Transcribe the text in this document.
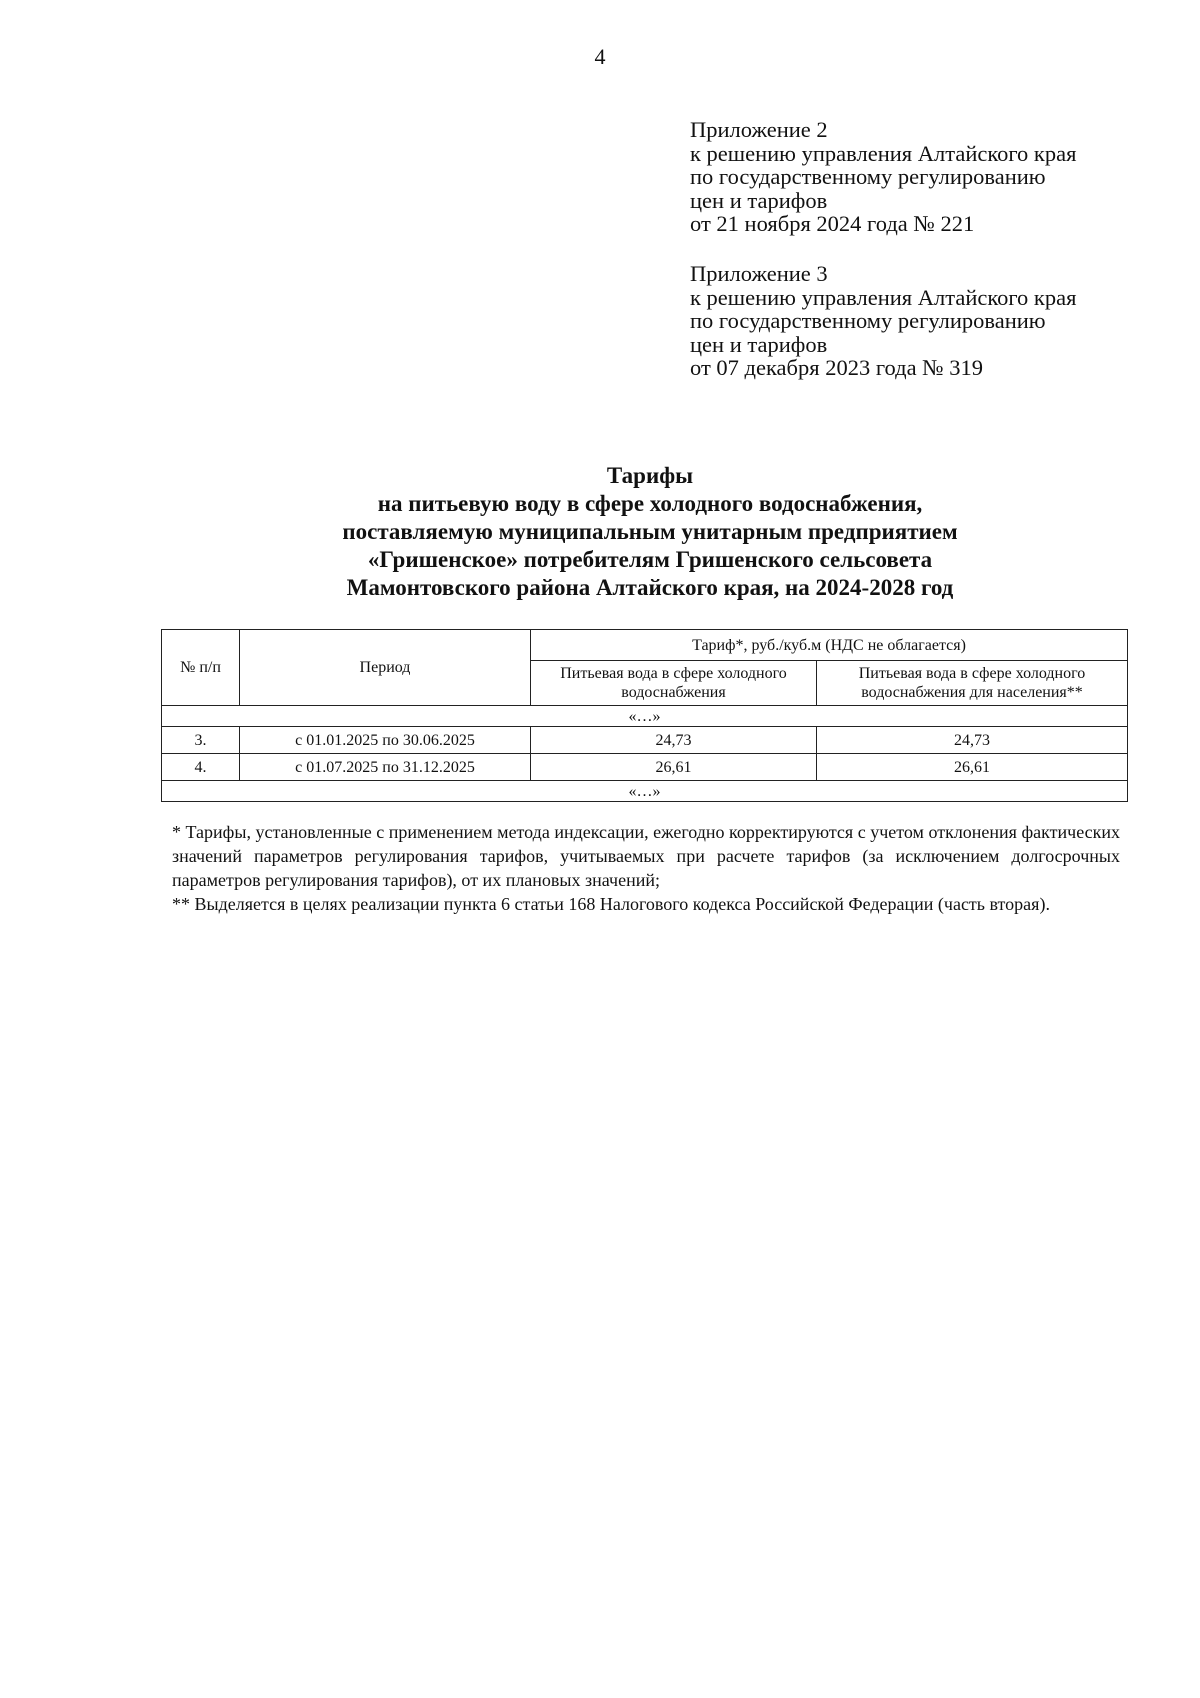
4
Приложение 2
к решению управления Алтайского края
по государственному регулированию
цен и тарифов
от 21 ноября 2024 года № 221
Приложение 3
к решению управления Алтайского края
по государственному регулированию
цен и тарифов
от 07 декабря 2023 года № 319
Тарифы
на питьевую воду в сфере холодного водоснабжения,
поставляемую муниципальным унитарным предприятием
«Гришенское» потребителям Гришенского сельсовета
Мамонтовского района Алтайского края, на 2024-2028 год
№ п/п	Период	Тариф*, руб./куб.м (НДС не облагается)	
		Питьевая вода в сфере холодного водоснабжения	Питьевая вода в сфере холодного водоснабжения для населения**
«…»			
3.	с 01.01.2025 по 30.06.2025	24,73	24,73
4.	с 01.07.2025 по 31.12.2025	26,61	26,61
«…»			

* Тарифы, установленные с применением метода индексации, ежегодно корректируются с учетом отклонения фактических значений параметров регулирования тарифов, учитываемых при расчете тарифов (за исключением долгосрочных параметров регулирования тарифов), от их плановых значений;

** Выделяется в целях реализации пункта 6 статьи 168 Налогового кодекса Российской Федерации (часть вторая).
